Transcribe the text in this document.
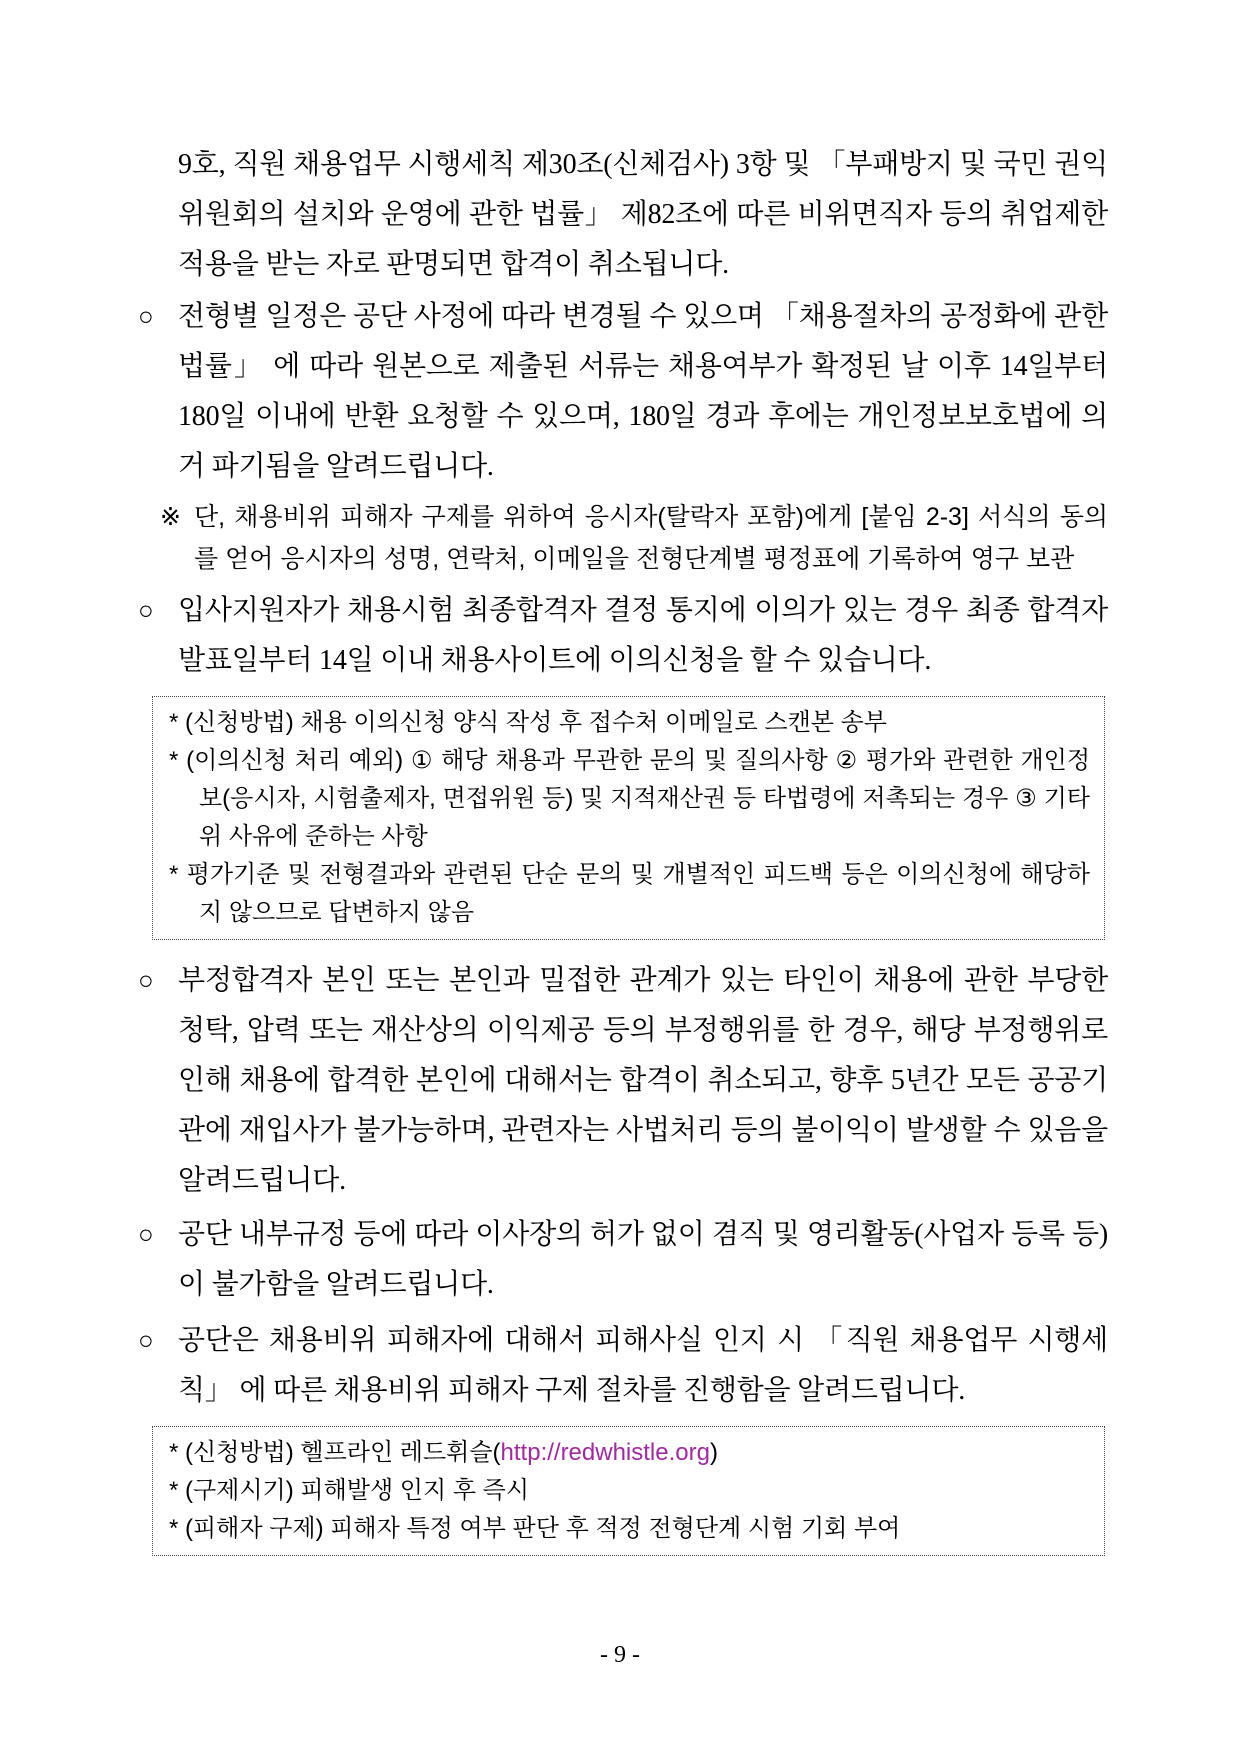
9호, 직원 채용업무 시행세칙 제30조(신체검사) 3항 및 「부패방지 및 국민 권익위원회의 설치와 운영에 관한 법률」 제82조에 따른 비위면직자 등의 취업제한 적용을 받는 자로 판명되면 합격이 취소됩니다.

○ 전형별 일정은 공단 사정에 따라 변경될 수 있으며 「채용절차의 공정화에 관한 법률」 에 따라 원본으로 제출된 서류는 채용여부가 확정된 날 이후 14일부터 180일 이내에 반환 요청할 수 있으며, 180일 경과 후에는 개인정보보호법에 의거 파기됨을 알려드립니다.
※ 단, 채용비위 피해자 구제를 위하여 응시자(탈락자 포함)에게 [붙임 2-3] 서식의 동의를 얻어 응시자의 성명, 연락처, 이메일을 전형단계별 평정표에 기록하여 영구 보관
○ 입사지원자가 채용시험 최종합격자 결정 통지에 이의가 있는 경우 최종 합격자 발표일부터 14일 이내 채용사이트에 이의신청을 할 수 있습니다.
* (신청방법) 채용 이의신청 양식 작성 후 접수처 이메일로 스캔본 송부
* (이의신청 처리 예외) ① 해당 채용과 무관한 문의 및 질의사항 ② 평가와 관련한 개인정보(응시자, 시험출제자, 면접위원 등) 및 지적재산권 등 타법령에 저촉되는 경우 ③ 기타 위 사유에 준하는 사항
* 평가기준 및 전형결과와 관련된 단순 문의 및 개별적인 피드백 등은 이의신청에 해당하지 않으므로 답변하지 않음
○ 부정합격자 본인 또는 본인과 밀접한 관계가 있는 타인이 채용에 관한 부당한 청탁, 압력 또는 재산상의 이익제공 등의 부정행위를 한 경우, 해당 부정행위로 인해 채용에 합격한 본인에 대해서는 합격이 취소되고, 향후 5년간 모든 공공기관에 재입사가 불가능하며, 관련자는 사법처리 등의 불이익이 발생할 수 있음을 알려드립니다.
○ 공단 내부규정 등에 따라 이사장의 허가 없이 겸직 및 영리활동(사업자 등록 등)이 불가함을 알려드립니다.
○ 공단은 채용비위 피해자에 대해서 피해사실 인지 시 「직원 채용업무 시행세칙」 에 따른 채용비위 피해자 구제 절차를 진행함을 알려드립니다.
* (신청방법) 헬프라인 레드휘슬(http://redwhistle.org)
* (구제시기) 피해발생 인지 후 즉시
* (피해자 구제) 피해자 특정 여부 판단 후 적정 전형단계 시험 기회 부여
- 9 -
